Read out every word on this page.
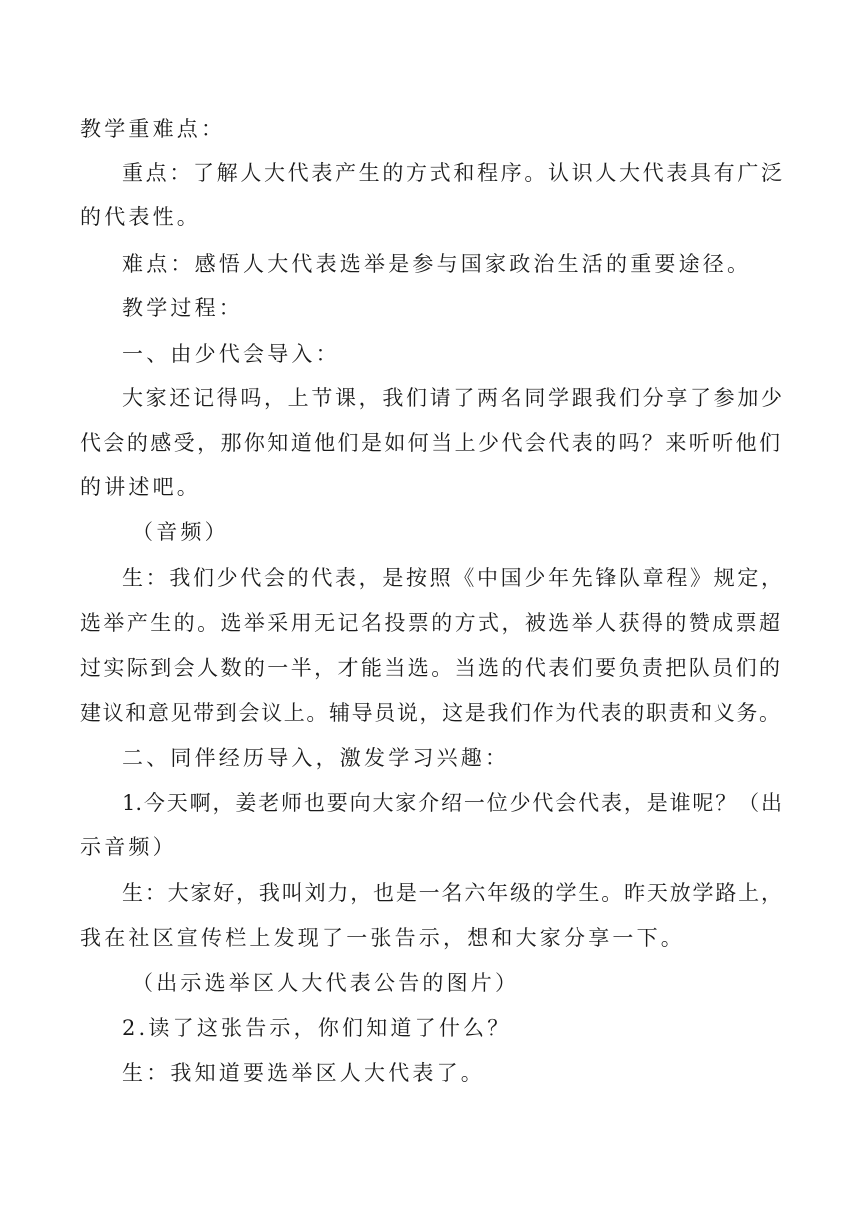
教学重难点：
重点：了解人大代表产生的方式和程序。认识人大代表具有广泛
的代表性。
难点：感悟人大代表选举是参与国家政治生活的重要途径。
教学过程：
一、由少代会导入：
大家还记得吗，上节课，我们请了两名同学跟我们分享了参加少
代会的感受，那你知道他们是如何当上少代会代表的吗？来听听他们
的讲述吧。
（音频）
生：我们少代会的代表，是按照《中国少年先锋队章程》规定，
选举产生的。选举采用无记名投票的方式，被选举人获得的赞成票超
过实际到会人数的一半，才能当选。当选的代表们要负责把队员们的
建议和意见带到会议上。辅导员说，这是我们作为代表的职责和义务。
二、同伴经历导入，激发学习兴趣：
1.今天啊，姜老师也要向大家介绍一位少代会代表，是谁呢？（出
示音频）
生：大家好，我叫刘力，也是一名六年级的学生。昨天放学路上，
我在社区宣传栏上发现了一张告示，想和大家分享一下。
（出示选举区人大代表公告的图片）
2.读了这张告示，你们知道了什么？
生：我知道要选举区人大代表了。
